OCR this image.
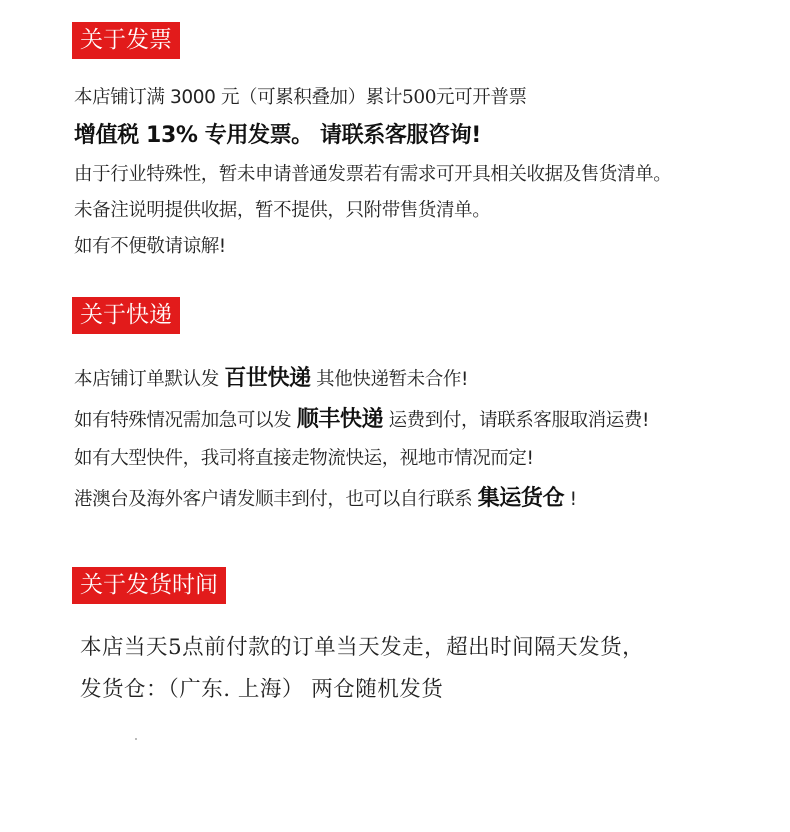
关于发票
本店铺订满 3000 元（可累积叠加）累计500元可开普票
增值税 13% 专用发票。 请联系客服咨询!
由于行业特殊性，暂未申请普通发票若有需求可开具相关收据及售货清单。
未备注说明提供收据，暂不提供，只附带售货清单。
如有不便敬请谅解!
关于快递
本店铺订单默认发 百世快递 其他快递暂未合作!
如有特殊情况需加急可以发 顺丰快递 运费到付，请联系客服取消运费!
如有大型快件，我司将直接走物流快运，视地市情况而定!
港澳台及海外客户请发顺丰到付，也可以自行联系 集运货仓 !
关于发货时间
本店当天5点前付款的订单当天发走，超出时间隔天发货，
发货仓：（广东. 上海） 两仓随机发货
